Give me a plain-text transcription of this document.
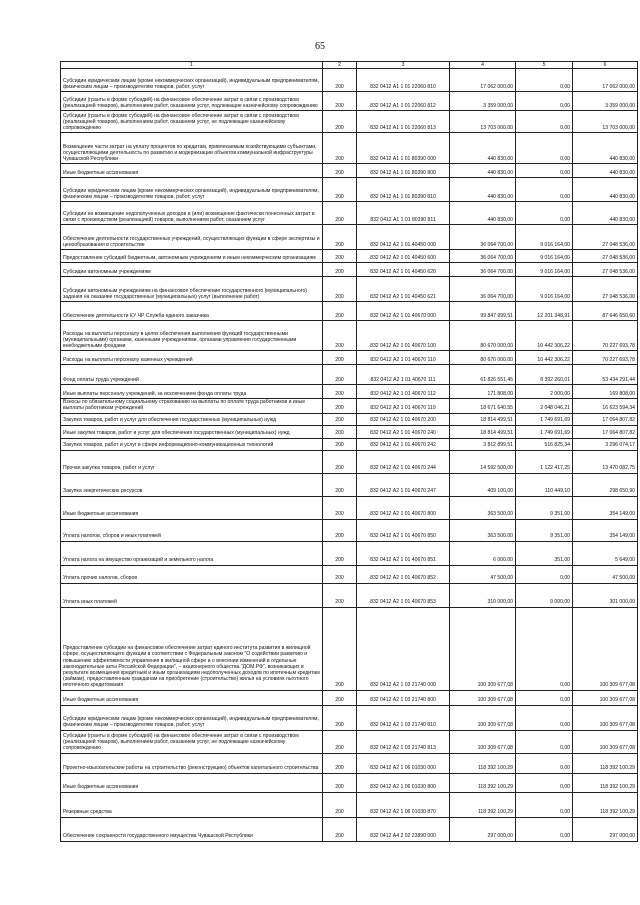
65
1	2	3	4	5	6
Субсидии юридическим лицам (кроме некоммерческих организаций), индивидуальным предпринимателям, физическим лицам – производителям товаров, работ, услуг	200	832 0412 А1 1 01 22060 810	17 062 000,00	0,00	17 062 000,00
Субсидии (гранты в форме субсидий) на финансовое обеспечение затрат в связи с производством (реализацией товаров), выполнением работ, оказанием услуг, подлежащие казначейскому сопровождению	200	832 0412 А1 1 01 22060 812	3 359 000,00	0,00	3 359 000,00
Субсидии (гранты в форме субсидий) на финансовое обеспечение затрат в связи с производством (реализацией товаров), выполнением работ, оказанием услуг, не подлежащие казначейскому сопровождению	200	832 0412 А1 1 01 22060 813	13 703 000,00	0,00	13 703 000,00
Возмещение части затрат на уплату процентов по кредитам, привлекаемым хозяйствующими субъектами, осуществляющими деятельность по развитию и модернизации объектов коммунальной инфраструктуры Чувашской Республики	200	832 0412 А1 1 01 80390 000	440 830,00	0,00	440 830,00
Иные бюджетные ассигнования	200	832 0412 А1 1 01 80390 800	440 830,00	0,00	440 830,00
Субсидии юридическим лицам (кроме некоммерческих организаций), индивидуальным предпринимателям, физическим лицам – производителям товаров, работ, услуг	200	832 0412 А1 1 01 80390 810	440 830,00	0,00	440 830,00
Субсидии на возмещение недополученных доходов и (или) возмещение фактически понесенных затрат в связи с производством (реализацией) товаров, выполнением работ, оказанием услуг	200	832 0412 А1 1 01 80390 811	440 830,00	0,00	440 830,00
Обеспечение деятельности государственных учреждений, осуществляющих функции в сфере экспертизы и ценообразования в строительстве	200	832 0412 А2 1 01 40450 000	36 064 700,00	9 016 164,00	27 048 536,00
Предоставление субсидий бюджетным, автономным учреждениям и иным некоммерческим организациям	200	832 0412 А2 1 01 40450 600	36 064 700,00	9 016 164,00	27 048 536,00
Субсидии автономным учреждениям	200	832 0412 А2 1 01 40450 620	36 064 700,00	9 016 164,00	27 048 536,00
Субсидии автономным учреждениям на финансовое обеспечение государственного (муниципального) задания на оказание государственных (муниципальных) услуг (выполнение работ)	200	832 0412 А2 1 01 40450 621	36 064 700,00	9 016 164,00	27 048 536,00
Обеспечение деятельности КУ ЧР Служба единого заказчика	200	832 0412 А2 1 01 40670 000	99 847 999,51	12 201 348,91	87 646 650,60
Расходы на выплаты персоналу в целях обеспечения выполнения функций государственными (муниципальными) органами, казенными учреждениями, органами управления государственными внебюджетными фондами	200	832 0412 А2 1 01 40670 100	80 670 000,00	10 442 306,22	70 227 693,78
Расходы на выплаты персоналу казенных учреждений	200	832 0412 А2 1 01 40670 110	80 670 000,00	10 442 306,22	70 227 693,78
Фонд оплаты труда учреждений	200	832 0412 А2 1 01 40670 111	61 826 551,45	8 392 260,01	53 434 291,44
Иные выплаты персоналу учреждений, за исключением фонда оплаты труда	200	832 0412 А2 1 01 40670 112	171 808,00	2 000,00	169 808,00
Взносы по обязательному социальному страхованию на выплаты по оплате труда работников и иные выплаты работникам учреждений	200	832 0412 А2 1 01 40670 119	18 671 640,55	2 048 046,21	16 623 594,34
Закупка товаров, работ и услуг для обеспечения государственных (муниципальных) нужд	200	832 0412 А2 1 01 40670 200	18 814 499,51	1 749 691,69	17 064 807,82
Иные закупки товаров, работ и услуг для обеспечения государственных (муниципальных) нужд	200	832 0412 А2 1 01 40670 240	18 814 499,51	1 749 691,69	17 064 807,82
Закупка товаров, работ и услуг в сфере информационно-коммуникационных технологий	200	832 0412 А2 1 01 40670 242	3 812 899,51	516 825,34	3 296 074,17
Прочая закупка товаров, работ и услуг	200	832 0412 А2 1 01 40670 244	14 592 500,00	1 122 417,25	13 470 082,75
Закупка энергетических ресурсов	200	832 0412 А2 1 01 40670 247	409 100,00	110 449,10	298 650,90
Иные бюджетные ассигнования	200	832 0412 А2 1 01 40670 800	363 500,00	9 351,00	354 149,00
Уплата налогов, сборов и иных платежей	200	832 0412 А2 1 01 40670 850	363 500,00	9 351,00	354 149,00
Уплата налога на имущество организаций и земельного налога	200	832 0412 А2 1 01 40670 851	6 000,00	351,00	5 649,00
Уплата прочих налогов, сборов	200	832 0412 А2 1 01 40670 852	47 500,00	0,00	47 500,00
Уплата иных платежей	200	832 0412 А2 1 01 40670 853	310 000,00	9 000,00	301 000,00
Предоставление субсидии на финансовое обеспечение затрат единого института развития в жилищной сфере, осуществляющего функции в соответствии с Федеральным законом "О содействии развитию и повышению эффективности управления в жилищной сфере и о внесении изменений в отдельные законодательные акты Российской Федерации", – акционерного общества "ДОМ.РФ", возникающих в результате возмещения кредитным и иным организациям недополученных доходов по ипотечным кредитам (займам), предоставленным гражданам на приобретение (строительство) жилья на условиях льготного ипотечного кредитования	200	832 0412 А2 1 03 21740 000	100 309 677,08	0,00	100 309 677,08
Иные бюджетные ассигнования	200	832 0412 А2 1 03 21740 800	100 309 677,08	0,00	100 309 677,08
Субсидии юридическим лицам (кроме некоммерческих организаций), индивидуальным предпринимателям, физическим лицам – производителям товаров, работ, услуг	200	832 0412 А2 1 03 21740 810	100 309 677,08	0,00	100 309 677,08
Субсидии (гранты в форме субсидий) на финансовое обеспечение затрат в связи с производством (реализацией товаров), выполнением работ, оказанием услуг, не подлежащие казначейскому сопровождению	200	832 0412 А2 1 03 21740 813	100 309 677,08	0,00	100 309 677,08
Проектно-изыскательские работы на строительство (реконструкцию) объектов капитального строительства	200	832 0412 А2 1 06 01030 000	118 392 100,29	0,00	118 392 100,29
Иные бюджетные ассигнования	200	832 0412 А2 1 06 01030 800	118 392 100,29	0,00	118 392 100,29
Резервные средства	200	832 0412 А2 1 06 01030 870	118 392 100,29	0,00	118 392 100,29
Обеспечение сохранности государственного имущества Чувашской Республики	200	832 0412 А4 2 02 23890 000	297 000,00	0,00	297 000,00
